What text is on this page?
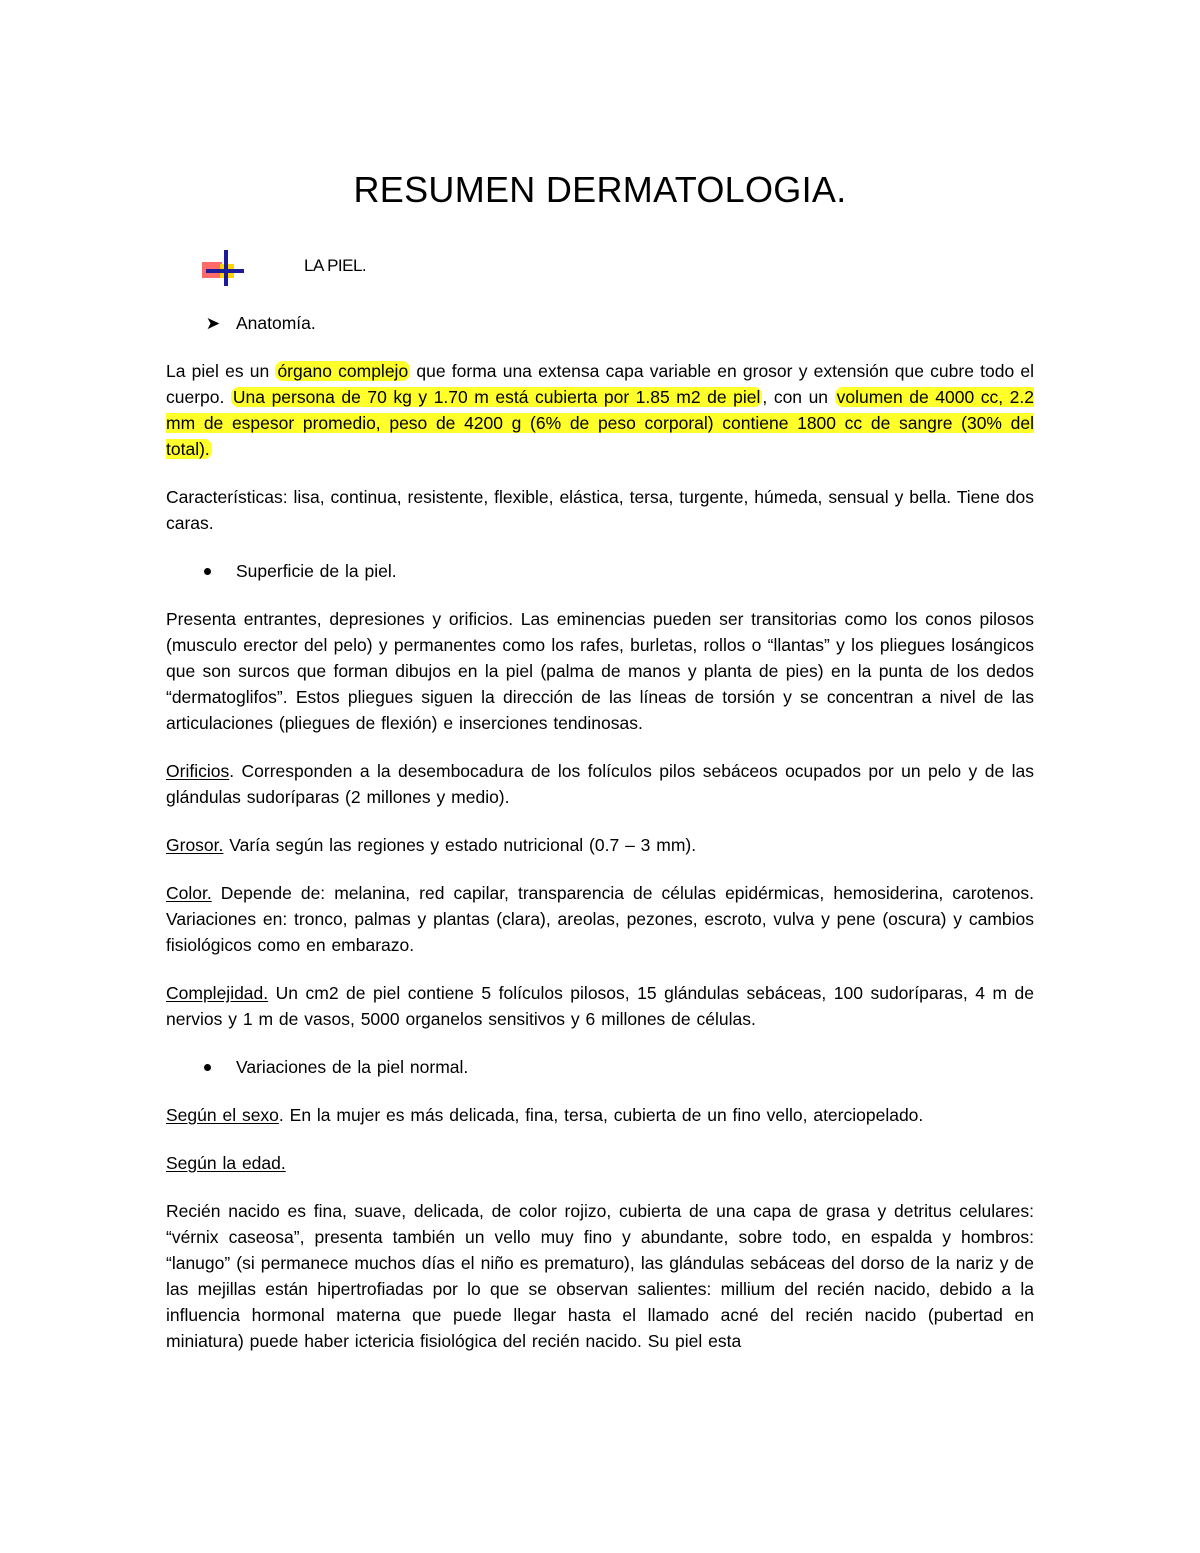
RESUMEN DERMATOLOGIA.
LA PIEL.
➤ Anatomía.

La piel es un órgano complejo que forma una extensa capa variable en grosor y extensión que cubre todo el cuerpo. Una persona de 70 kg y 1.70 m está cubierta por 1.85 m2 de piel , con un volumen de 4000 cc, 2.2 mm de espesor promedio, peso de 4200 g (6% de peso corporal) contiene 1800 cc de sangre (30% del total).

Características: lisa, continua, resistente, flexible, elástica, tersa, turgente, húmeda, sensual y bella. Tiene dos caras.

Superficie de la piel.

Presenta entrantes, depresiones y orificios. Las eminencias pueden ser transitorias como los conos pilosos (musculo erector del pelo) y permanentes como los rafes, burletas, rollos o “llantas” y los pliegues losángicos que son surcos que forman dibujos en la piel (palma de manos y planta de pies) en la punta de los dedos “dermatoglifos”. Estos pliegues siguen la dirección de las líneas de torsión y se concentran a nivel de las articulaciones (pliegues de flexión) e inserciones tendinosas.

Orificios. Corresponden a la desembocadura de los folículos pilos sebáceos ocupados por un pelo y de las glándulas sudoríparas (2 millones y medio).

Grosor. Varía según las regiones y estado nutricional (0.7 – 3 mm).

Color. Depende de: melanina, red capilar, transparencia de células epidérmicas, hemosiderina, carotenos. Variaciones en: tronco, palmas y plantas (clara), areolas, pezones, escroto, vulva y pene (oscura) y cambios fisiológicos como en embarazo.

Complejidad. Un cm2 de piel contiene 5 folículos pilosos, 15 glándulas sebáceas, 100 sudoríparas, 4 m de nervios y 1 m de vasos, 5000 organelos sensitivos y 6 millones de células.

Variaciones de la piel normal.

Según el sexo. En la mujer es más delicada, fina, tersa, cubierta de un fino vello, aterciopelado.

Según la edad.

Recién nacido es fina, suave, delicada, de color rojizo, cubierta de una capa de grasa y detritus celulares: “vérnix caseosa”, presenta también un vello muy fino y abundante, sobre todo, en espalda y hombros: “lanugo” (si permanece muchos días el niño es prematuro), las glándulas sebáceas del dorso de la nariz y de las mejillas están hipertrofiadas por lo que se observan salientes: millium del recién nacido, debido a la influencia hormonal materna que puede llegar hasta el llamado acné del recién nacido (pubertad en miniatura) puede haber ictericia fisiológica del recién nacido. Su piel esta
